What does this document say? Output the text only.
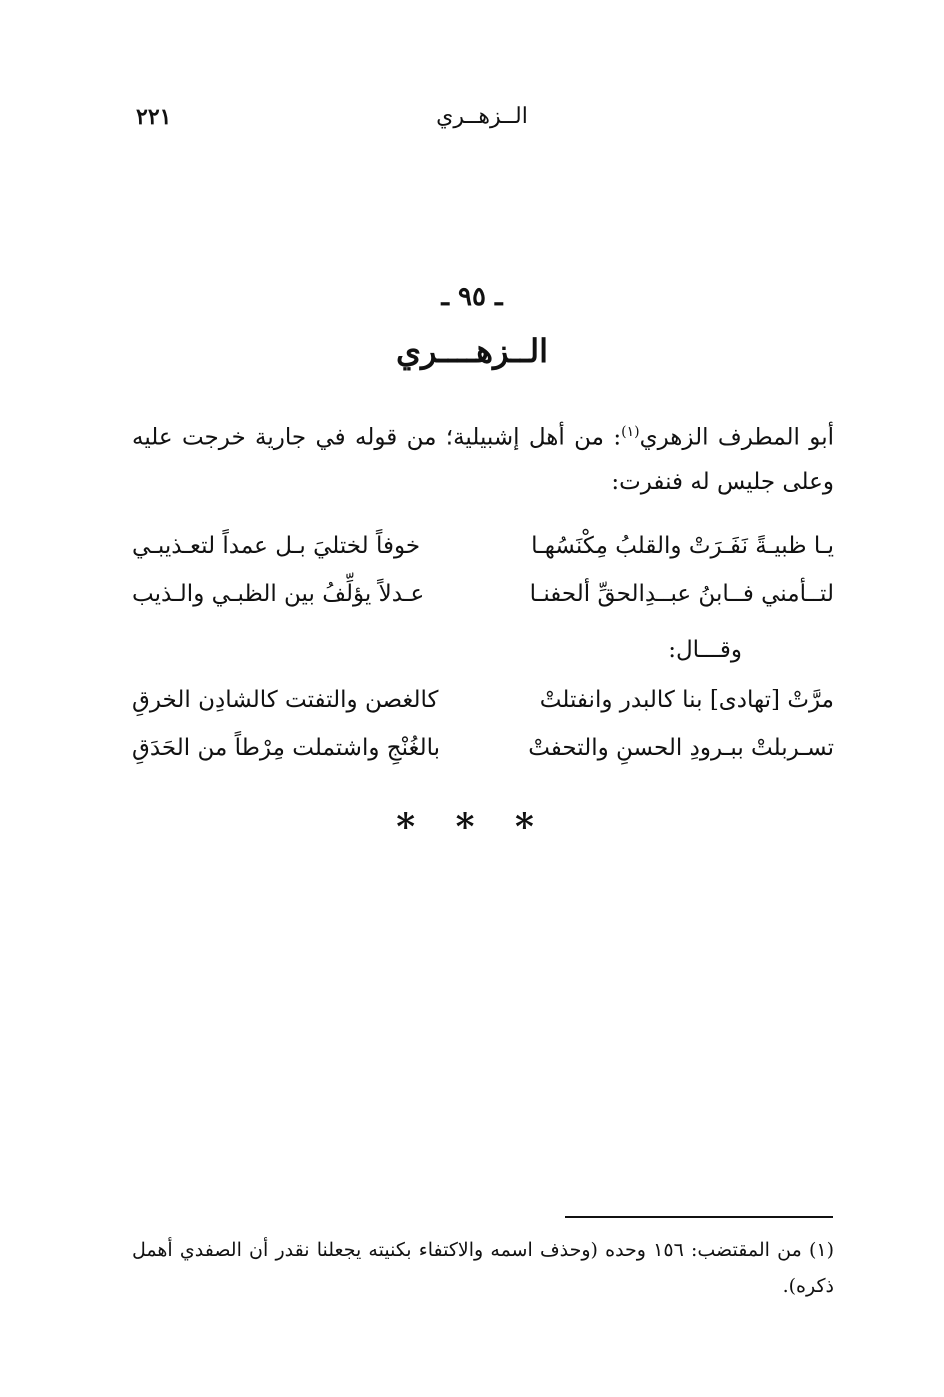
الــزهــري
٢٢١
ـ ٩٥ ـ
الــزهــــري
أبو المطرف الزهري$^{(١)}$: من أهل إشبيلية؛ من قوله في جارية خرجت عليه وعلى جليس له فنفرت:
يـا ظبيـةً نَفَـرَتْ والقلبُ مِكْنَسُهـا
خوفاً لختليَ بـل عمداً لتعـذيبـي
لتــأمني فــابنُ عبــدِالحقِّ ألحفنـا
عـدلاً يؤلِّفُ بين الظبـي والـذيب
وقـــال:
مرَّتْ [تهادى] بنا كالبدر وانفتلتْ
كالغصن والتفتت كالشادِن الخرقِ
تسـربلتْ ببـرودِ الحسنِ والتحفتْ
بالغُنْجِ واشتملت مِرْطاً من الحَدَقِ
* * *
(١) من المقتضب: ١٥٦ وحده (وحذف اسمه والاكتفاء بكنيته يجعلنا نقدر أن الصفدي أهمل ذكره).
